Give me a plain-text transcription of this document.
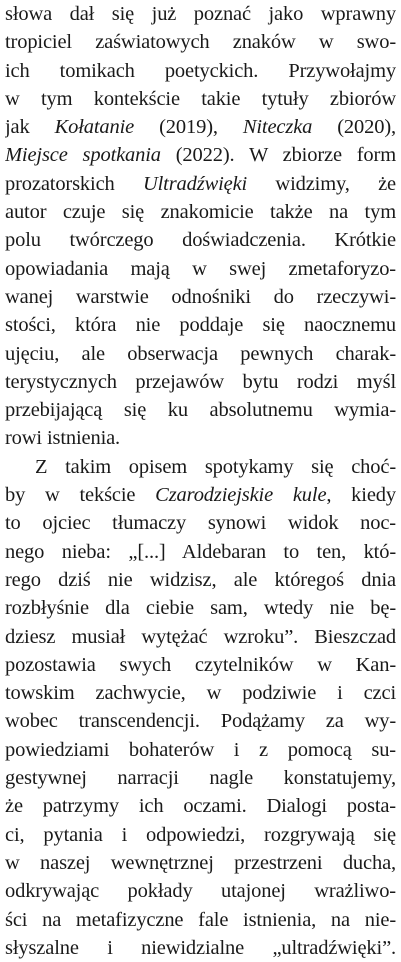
słowa dał się już poznać jako wprawny
tropiciel zaświatowych znaków w swo-
ich tomikach poetyckich. Przywołajmy
w tym kontekście takie tytuły zbiorów
jak Kołatanie (2019), Niteczka (2020),
Miejsce spotkania (2022). W zbiorze form
prozatorskich Ultradźwięki widzimy, że
autor czuje się znakomicie także na tym
polu twórczego doświadczenia. Krótkie
opowiadania mają w swej zmetaforyzo-
wanej warstwie odnośniki do rzeczywi-
stości, która nie poddaje się naocznemu
ujęciu, ale obserwacja pewnych charak-
terystycznych przejawów bytu rodzi myśl
przebijającą się ku absolutnemu wymia-
rowi istnienia.
Z takim opisem spotykamy się choć-
by w tekście Czarodziejskie kule, kiedy
to ojciec tłumaczy synowi widok noc-
nego nieba: „[...] Aldebaran to ten, któ-
rego dziś nie widzisz, ale któregoś dnia
rozbłyśnie dla ciebie sam, wtedy nie bę-
dziesz musiał wytężać wzroku”. Bieszczad
pozostawia swych czytelników w Kan-
towskim zachwycie, w podziwie i czci
wobec transcendencji. Podążamy za wy-
powiedziami bohaterów i z pomocą su-
gestywnej narracji nagle konstatujemy,
że patrzymy ich oczami. Dialogi posta-
ci, pytania i odpowiedzi, rozgrywają się
w naszej wewnętrznej przestrzeni ducha,
odkrywając pokłady utajonej wrażliwo-
ści na metafizyczne fale istnienia, na nie-
słyszalne i niewidzialne „ultradźwięki”.
